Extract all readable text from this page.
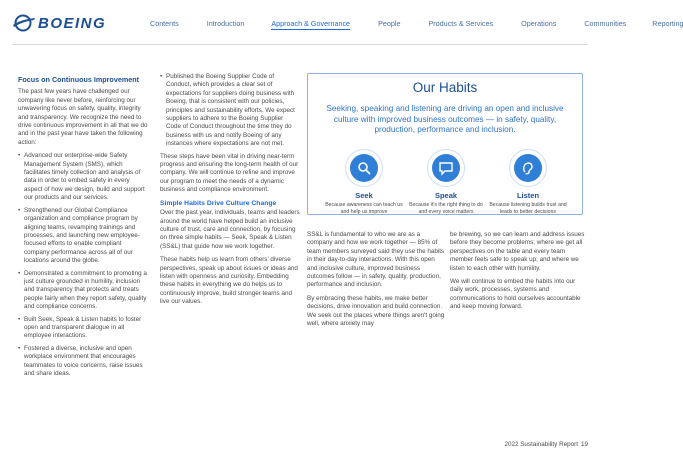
BOEING	Contents	Introduction	Approach & Governance	People	Products & Services	Operations	Communities	Reporting
Focus on Continuous Improvement

The past few years have challenged our company like never before, reinforcing our unwavering focus on safety, quality, integrity and transparency. We recognize the need to drive continuous improvement in all that we do and in the past year have taken the following action:

• Advanced our enterprise-wide Safety Management System (SMS), which facilitates timely collection and analysis of data in order to embed safety in every aspect of how we design, build and support our products and our services.
• Strengthened our Global Compliance organization and compliance program by aligning teams, revamping trainings and processes, and launching new employee-focused efforts to enable compliant company performance across all of our locations around the globe.
• Demonstrated a commitment to promoting a just culture grounded in humility, inclusion and transparency that protects and treats people fairly when they report safety, quality and compliance concerns.
• Built Seek, Speak & Listen habits to foster open and transparent dialogue in all employee interactions.
• Fostered a diverse, inclusive and open workplace environment that encourages teammates to voice concerns, raise issues and share ideas.
• Published the Boeing Supplier Code of Conduct, which provides a clear set of expectations for suppliers doing business with Boeing, that is consistent with our policies, principles and sustainability efforts. We expect suppliers to adhere to the Boeing Supplier Code of Conduct throughout the time they do business with us and notify Boeing of any instances where expectations are not met.

These steps have been vital in driving near-term progress and ensuring the long-term health of our company. We will continue to refine and improve our program to meet the needs of a dynamic business and compliance environment.

Simple Habits Drive Culture Change

Over the past year, individuals, teams and leaders around the world have helped build an inclusive culture of trust, care and connection, by focusing on three simple habits — Seek, Speak & Listen (SS&L) that guide how we work together.

These habits help us learn from others' diverse perspectives, speak up about issues or ideas and listen with openness and curiosity. Embedding these habits in everything we do helps us to continuously improve, build stronger teams and live our values.

Our Habits
Seeking, speaking and listening are driving an open and inclusive culture with improved business outcomes — in safety, quality, production, performance and inclusion.
Seek
Because awareness can teach us and help us improve
Speak
Because it's the right thing to do and every voice matters
Listen
Because listening builds trust and leads to better decisions

SS&L is fundamental to who we are as a company and how we work together — 85% of team members surveyed said they use the habits in their day-to-day interactions. With this open and inclusive culture, improved business outcomes follow — in safety, quality, production, performance and inclusion.

By embracing these habits, we make better decisions, drive innovation and build connection. We seek out the places where things aren't going well, where anxiety may

be brewing, so we can learn and address issues before they become problems; where we get all perspectives on the table and every team member feels safe to speak up; and where we listen to each other with humility.

We will continue to embed the habits into our daily work, processes, systems and communications to hold ourselves accountable and keep moving forward.

2022 Sustainability Report 19
